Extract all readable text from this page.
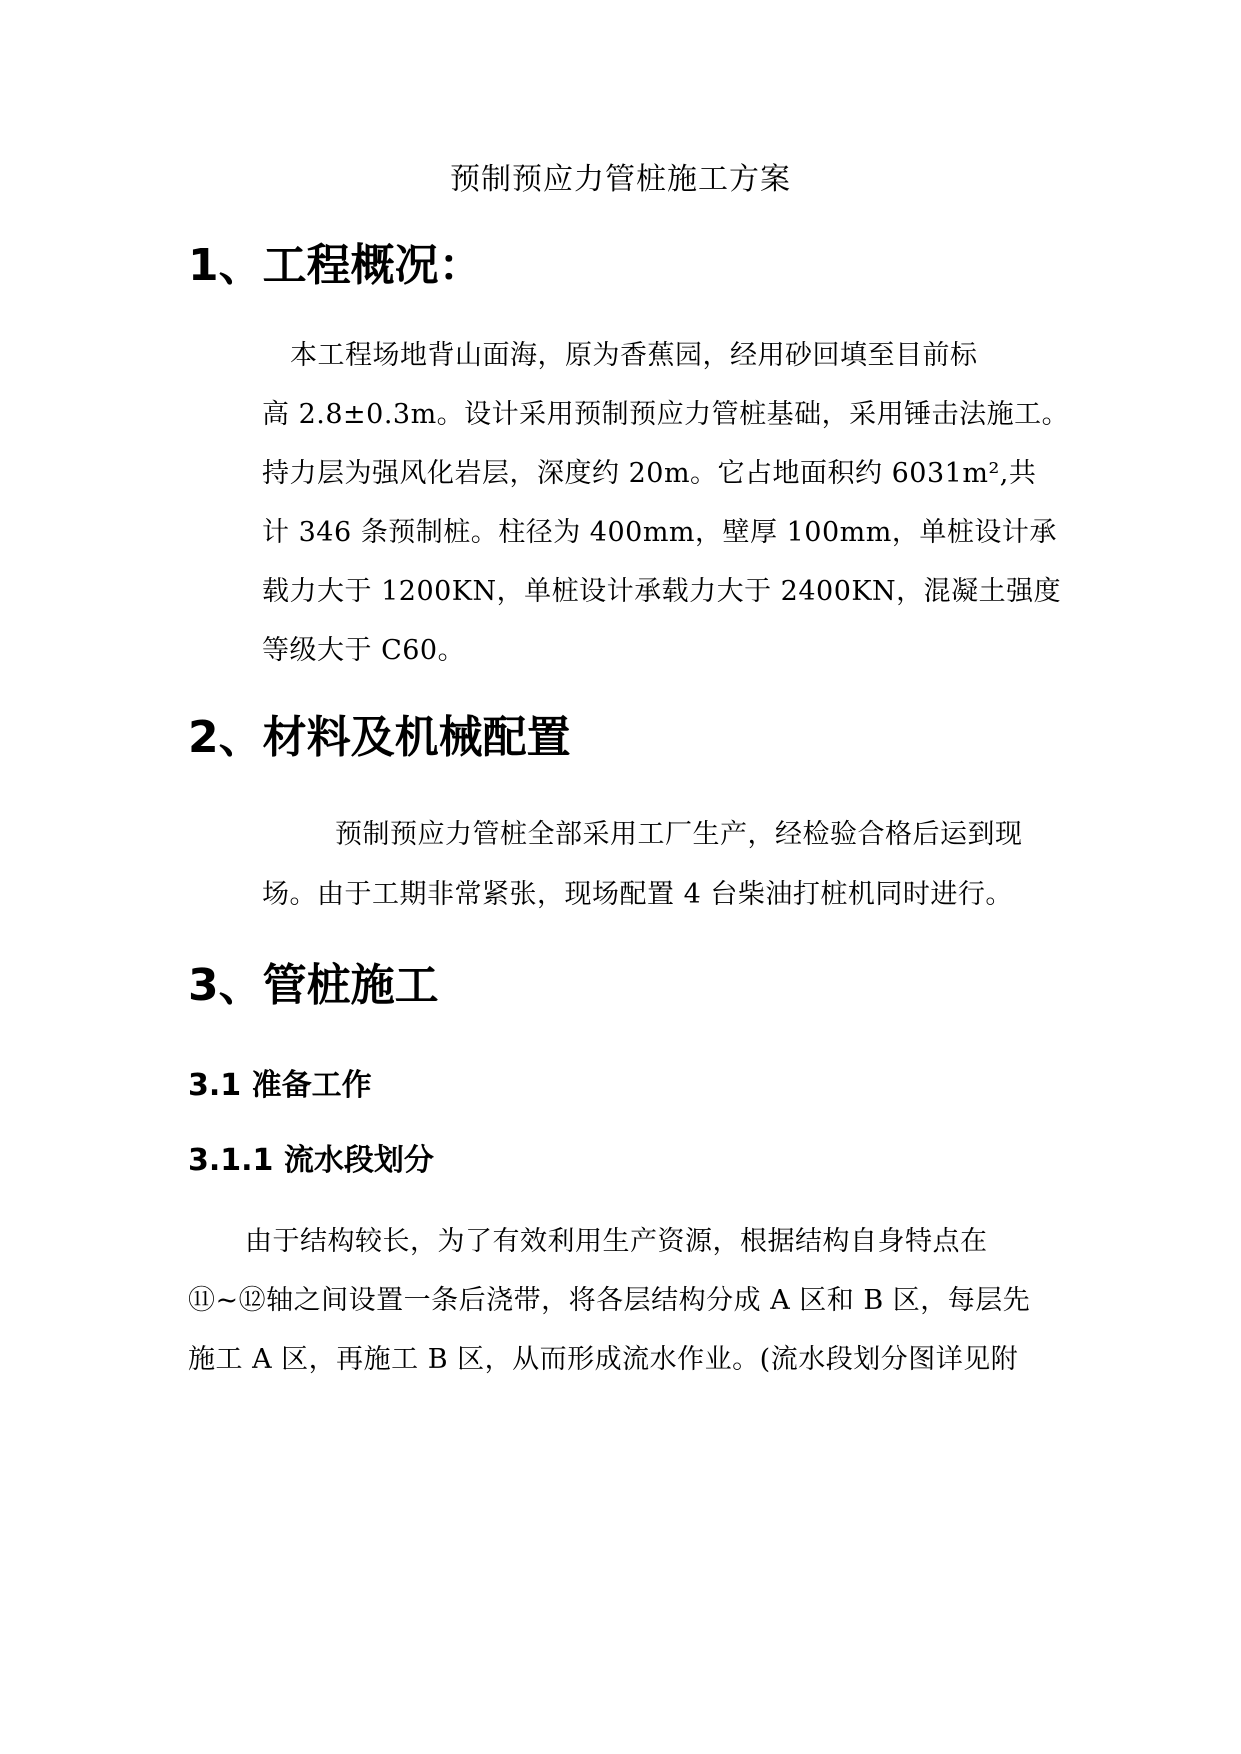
预制预应力管桩施工方案
1、工程概况：
本工程场地背山面海，原为香蕉园，经用砂回填至目前标
高 2.8±0.3m。设计采用预制预应力管桩基础，采用锤击法施工。
持力层为强风化岩层，深度约 20m。它占地面积约 6031m²,共
计 346 条预制桩。柱径为 400mm，壁厚 100mm，单桩设计承
载力大于 1200KN，单桩设计承载力大于 2400KN，混凝土强度
等级大于 C60。
2、材料及机械配置
预制预应力管桩全部采用工厂生产，经检验合格后运到现
场。由于工期非常紧张，现场配置 4 台柴油打桩机同时进行。
3、管桩施工
3.1 准备工作
3.1.1 流水段划分
由于结构较长，为了有效利用生产资源，根据结构自身特点在
⑪~⑫轴之间设置一条后浇带，将各层结构分成 A 区和 B 区，每层先
施工 A 区，再施工 B 区，从而形成流水作业。(流水段划分图详见附
